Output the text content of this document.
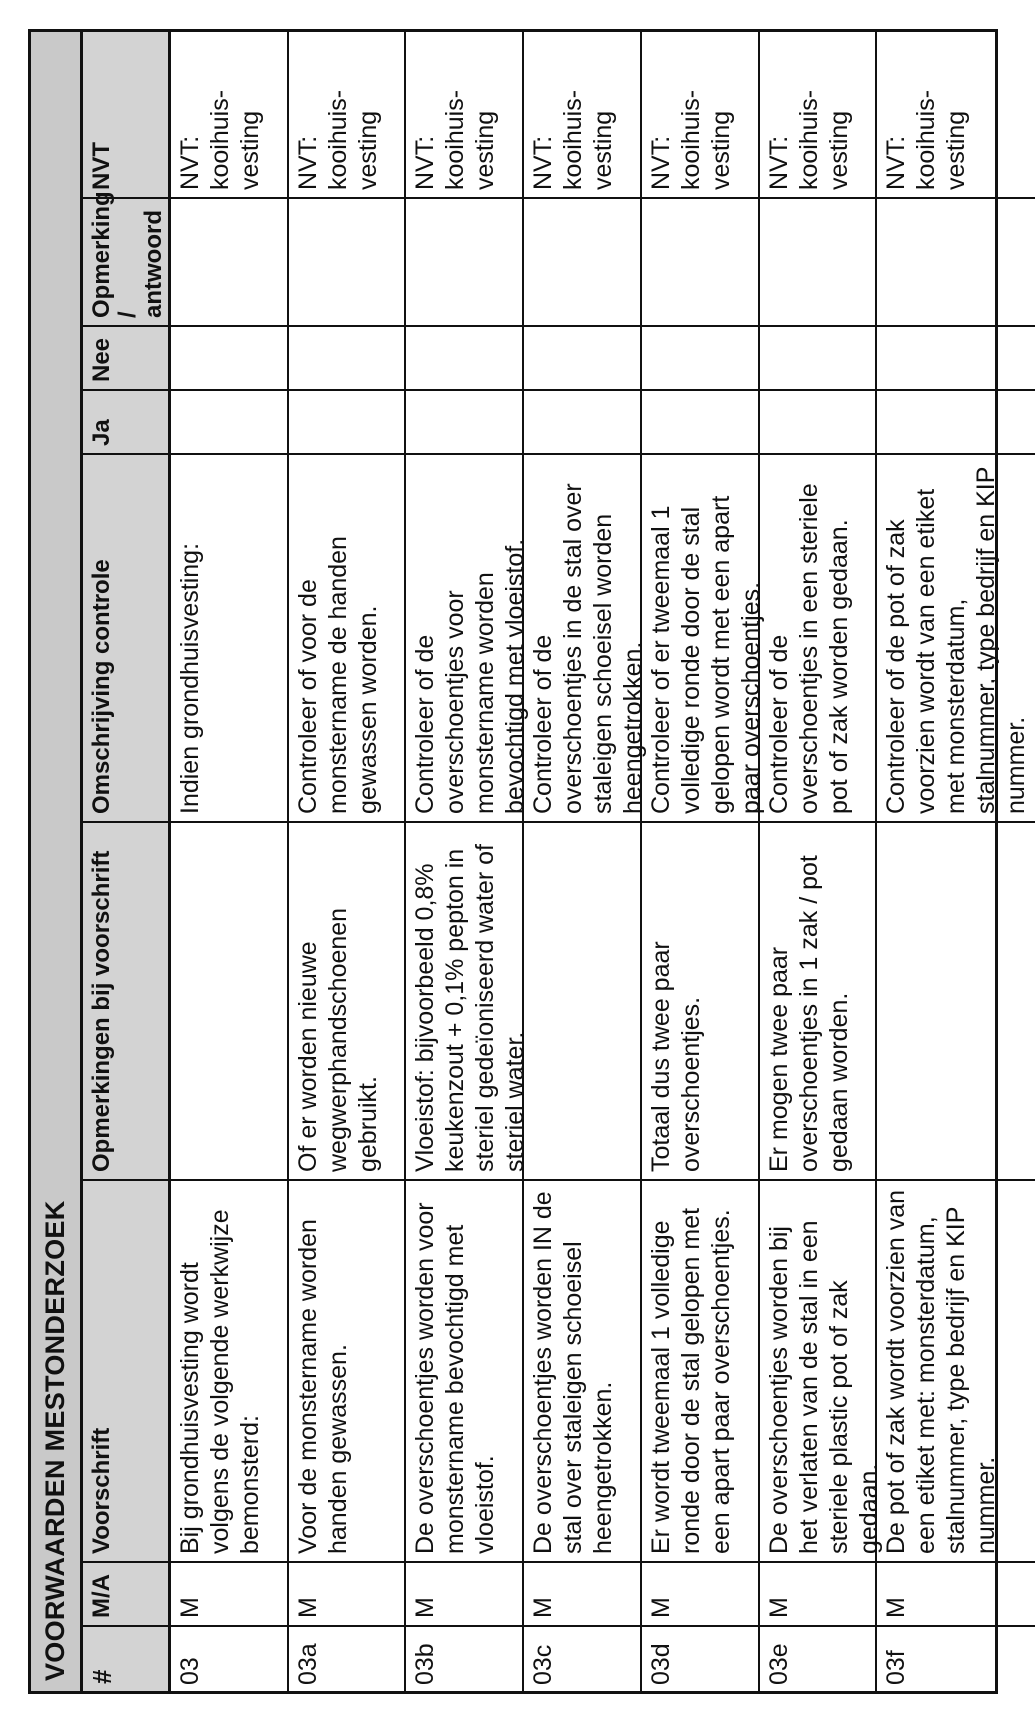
VOORWAARDEN MESTONDERZOEK #
M/A
Voorschrift
Opmerkingen bij voorschrift
Omschrijving controle
Ja
Nee
Opmerking / antwoord
NVT
03
M
Bij grondhuisvesting wordt volgens de volgende werkwijze bemonsterd:
Indien grondhuisvesting:
NVT: kooihuis-vesting
03a
M
Voor de monstername worden handen gewassen.
Of er worden nieuwe wegwerphandschoenen gebruikt.
Controleer of voor de monstername de handen gewassen worden.
NVT: kooihuis-vesting
03b
M
De overschoentjes worden voor monstername bevochtigd met vloeistof.
Vloeistof: bijvoorbeeld 0,8% keukenzout + 0,1% pepton in steriel gedeïoniseerd water of steriel water.
Controleer of de overschoentjes voor monstername worden bevochtigd met vloeistof.
NVT: kooihuis-vesting
03c
M
De overschoentjes worden IN de stal over staleigen schoeisel heengetrokken.
Controleer of de overschoentjes in de stal over staleigen schoeisel worden heengetrokken.
NVT: kooihuis-vesting
03d
M
Er wordt tweemaal 1 volledige ronde door de stal gelopen met een apart paar overschoentjes.
Totaal dus twee paar overschoentjes.
Controleer of er tweemaal 1 volledige ronde door de stal gelopen wordt met een apart paar overschoentjes.
NVT: kooihuis-vesting
03e
M
De overschoentjes worden bij het verlaten van de stal in een steriele plastic pot of zak gedaan.
Er mogen twee paar overschoentjes in 1 zak / pot gedaan worden.
Controleer of de overschoentjes in een steriele pot of zak worden gedaan.
NVT: kooihuis-vesting
03f
M
De pot of zak wordt voorzien van een etiket met: monsterdatum, stalnummer, type bedrijf en KIP nummer.
Controleer of de pot of zak voorzien wordt van een etiket met monsterdatum, stalnummer, type bedrijf en KIP nummer.
NVT: kooihuis-vesting
